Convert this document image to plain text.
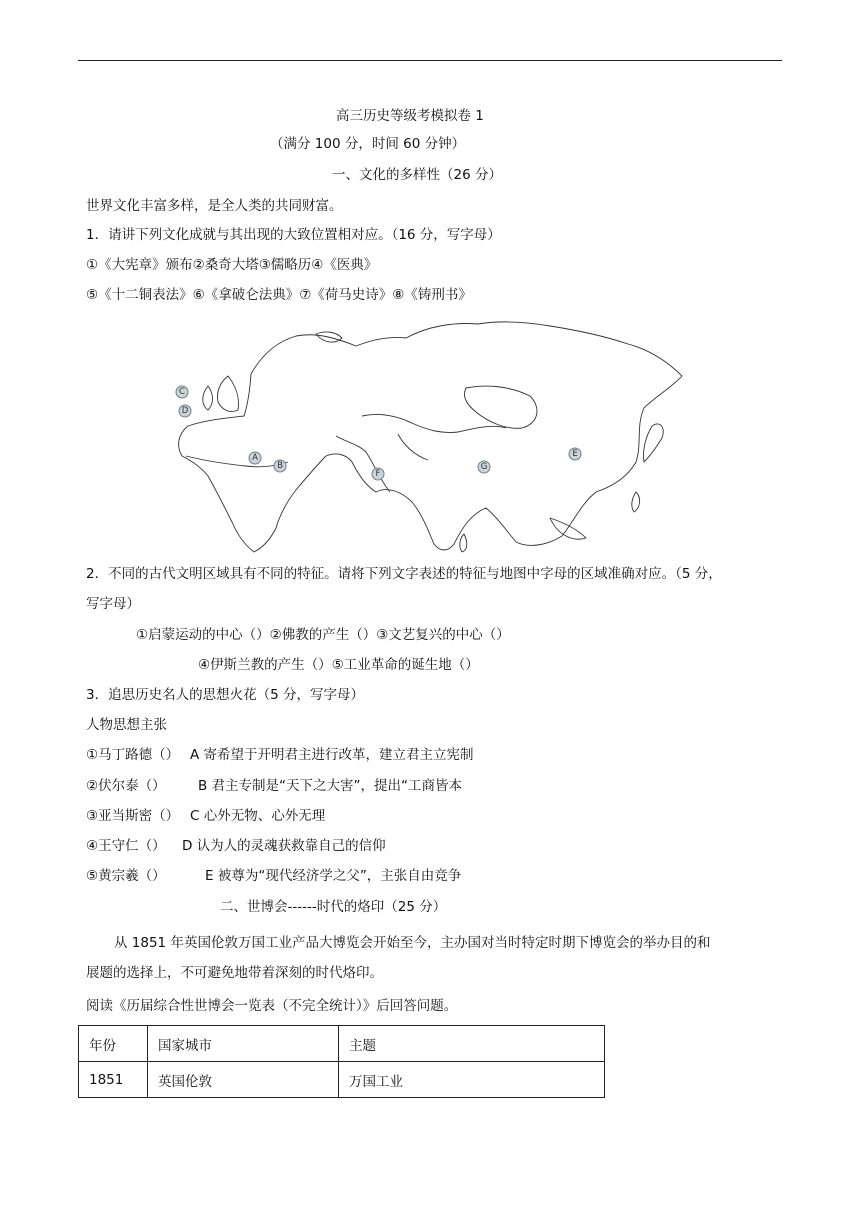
高三历史等级考模拟卷 1
（满分 100 分，时间 60 分钟）
一、文化的多样性（26 分）
世界文化丰富多样，是全人类的共同财富。
1．请讲下列文化成就与其出现的大致位置相对应。（16 分，写字母）
①《大宪章》颁布②桑奇大塔③儒略历④《医典》
⑤《十二铜表法》⑥《拿破仑法典》⑦《荷马史诗》⑧《铸刑书》
C
D
A
B
F
G
E
2．不同的古代文明区域具有不同的特征。请将下列文字表述的特征与地图中字母的区域准确对应。（5 分，
写字母）
①启蒙运动的中心（）②佛教的产生（）③文艺复兴的中心（）
④伊斯兰教的产生（）⑤工业革命的诞生地（）
3．追思历史名人的思想火花（5 分，写字母）
人物思想主张
①马丁路德（） A 寄希望于开明君主进行改革，建立君主立宪制
②伏尔泰（） B 君主专制是“天下之大害”，提出“工商皆本
③亚当斯密（） C 心外无物、心外无理
④王守仁（） D 认为人的灵魂获救靠自己的信仰
⑤黄宗羲（）	E 被尊为“现代经济学之父”，主张自由竞争
二、世博会------时代的烙印（25 分）
从 1851 年英国伦敦万国工业产品大博览会开始至今，主办国对当时特定时期下博览会的举办目的和
展题的选择上，不可避免地带着深刻的时代烙印。
阅读《历届综合性世博会一览表（不完全统计）》后回答问题。
年份	国家城市	主题
1851	英国伦敦	万国工业
